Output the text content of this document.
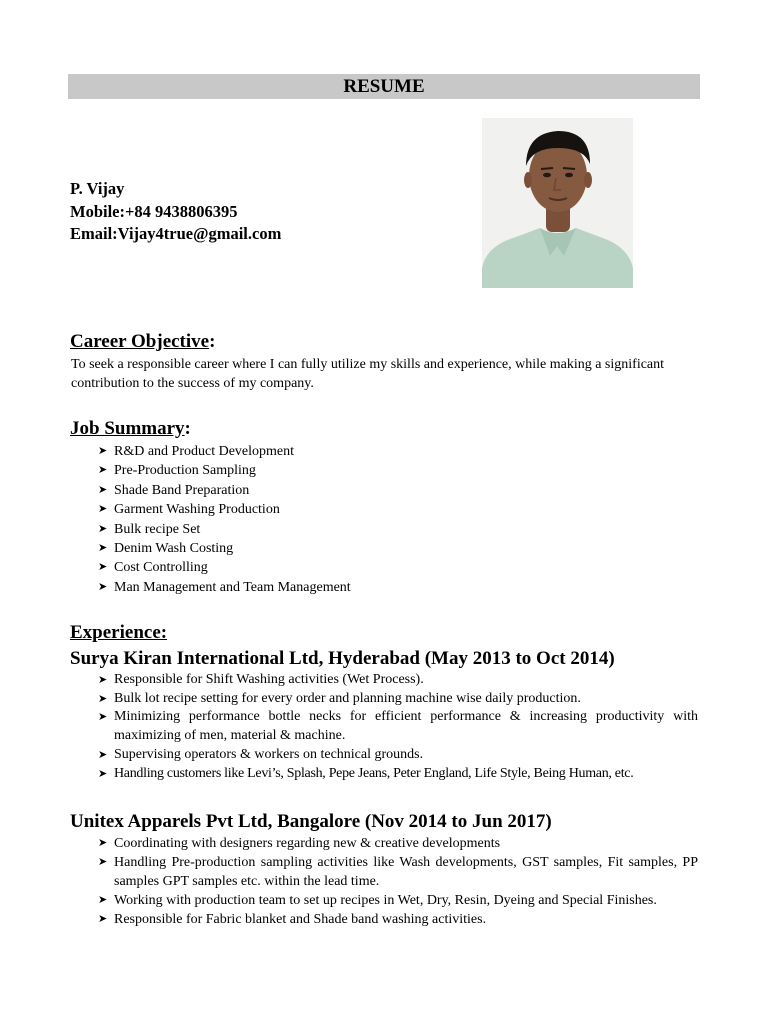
RESUME
P. Vijay
Mobile:+84 9438806395
Email:Vijay4true@gmail.com
Career Objective:
To seek a responsible career where I can fully utilize my skills and experience, while making a significant contribution to the success of my company.
Job Summary:
➤ R&D and Product Development
➤ Pre-Production Sampling
➤ Shade Band Preparation
➤ Garment Washing Production
➤ Bulk recipe Set
➤ Denim Wash Costing
➤ Cost Controlling
➤ Man Management and Team Management
Experience:
Surya Kiran International Ltd, Hyderabad (May 2013 to Oct 2014)
➤ Responsible for Shift Washing activities (Wet Process).
➤ Bulk lot recipe setting for every order and planning machine wise daily production.
➤ Minimizing performance bottle necks for efficient performance & increasing productivity with maximizing of men, material & machine.
➤ Supervising operators & workers on technical grounds.
➤ Handling customers like Levi’s, Splash, Pepe Jeans, Peter England, Life Style, Being Human, etc.
Unitex Apparels Pvt Ltd, Bangalore (Nov 2014 to Jun 2017)
➤ Coordinating with designers regarding new & creative developments
➤ Handling Pre-production sampling activities like Wash developments, GST samples, Fit samples, PP samples GPT samples etc. within the lead time.
➤ Working with production team to set up recipes in Wet, Dry, Resin, Dyeing and Special Finishes.
➤ Responsible for Fabric blanket and Shade band washing activities.
